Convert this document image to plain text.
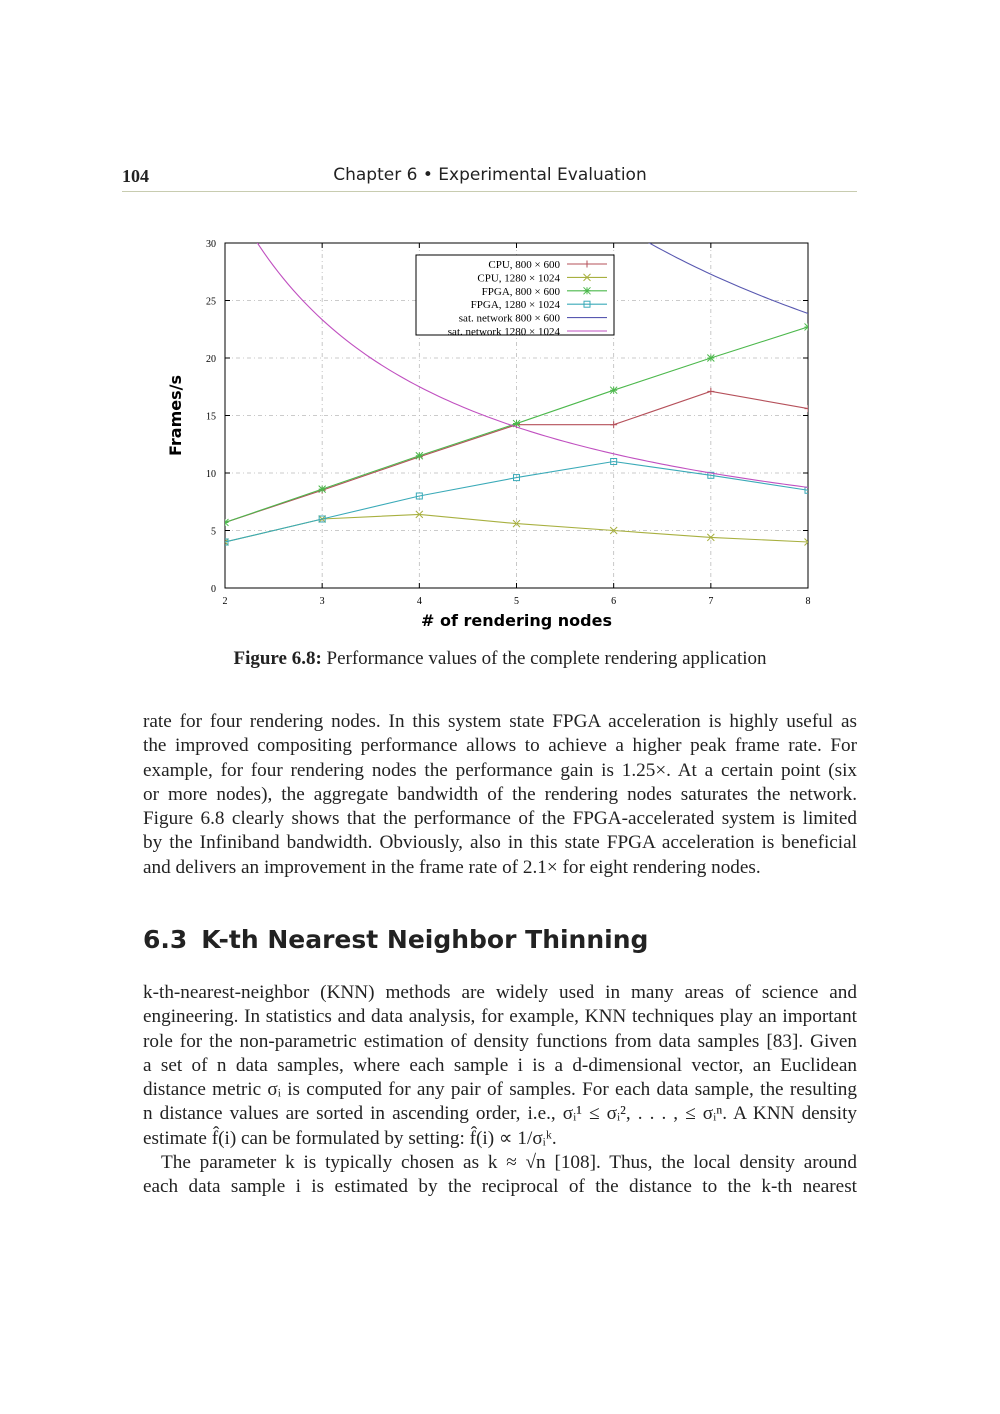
104	Chapter 6 • Experimental Evaluation
0
5
10
15
20
25
30
2	3	4	5	6	7	8
# of rendering nodes
Frames/s
CPU, 800 × 600
CPU, 1280 × 1024
FPGA, 800 × 600
FPGA, 1280 × 1024
sat. network 800 × 600
sat. network 1280 × 1024
Figure 6.8: Performance values of the complete rendering application
rate for four rendering nodes. In this system state FPGA acceleration is highly useful as
the improved compositing performance allows to achieve a higher peak frame rate. For
example, for four rendering nodes the performance gain is 1.25×. At a certain point (six
or more nodes), the aggregate bandwidth of the rendering nodes saturates the network.
Figure 6.8 clearly shows that the performance of the FPGA-accelerated system is limited
by the Infiniband bandwidth. Obviously, also in this state FPGA acceleration is beneficial
and delivers an improvement in the frame rate of 2.1× for eight rendering nodes.
6.3 K-th Nearest Neighbor Thinning
k-th-nearest-neighbor (KNN) methods are widely used in many areas of science and
engineering. In statistics and data analysis, for example, KNN techniques play an important
role for the non-parametric estimation of density functions from data samples [83]. Given
a set of n data samples, where each sample i is a d-dimensional vector, an Euclidean
distance metric σᵢ is computed for any pair of samples. For each data sample, the resulting
n distance values are sorted in ascending order, i.e., σᵢ¹ ≤ σᵢ², . . . , ≤ σᵢⁿ. A KNN density
estimate f̂(i) can be formulated by setting: f̂(i) ∝ 1/σᵢᵏ.
The parameter k is typically chosen as k ≈ √n [108]. Thus, the local density around
each data sample i is estimated by the reciprocal of the distance to the k-th nearest
